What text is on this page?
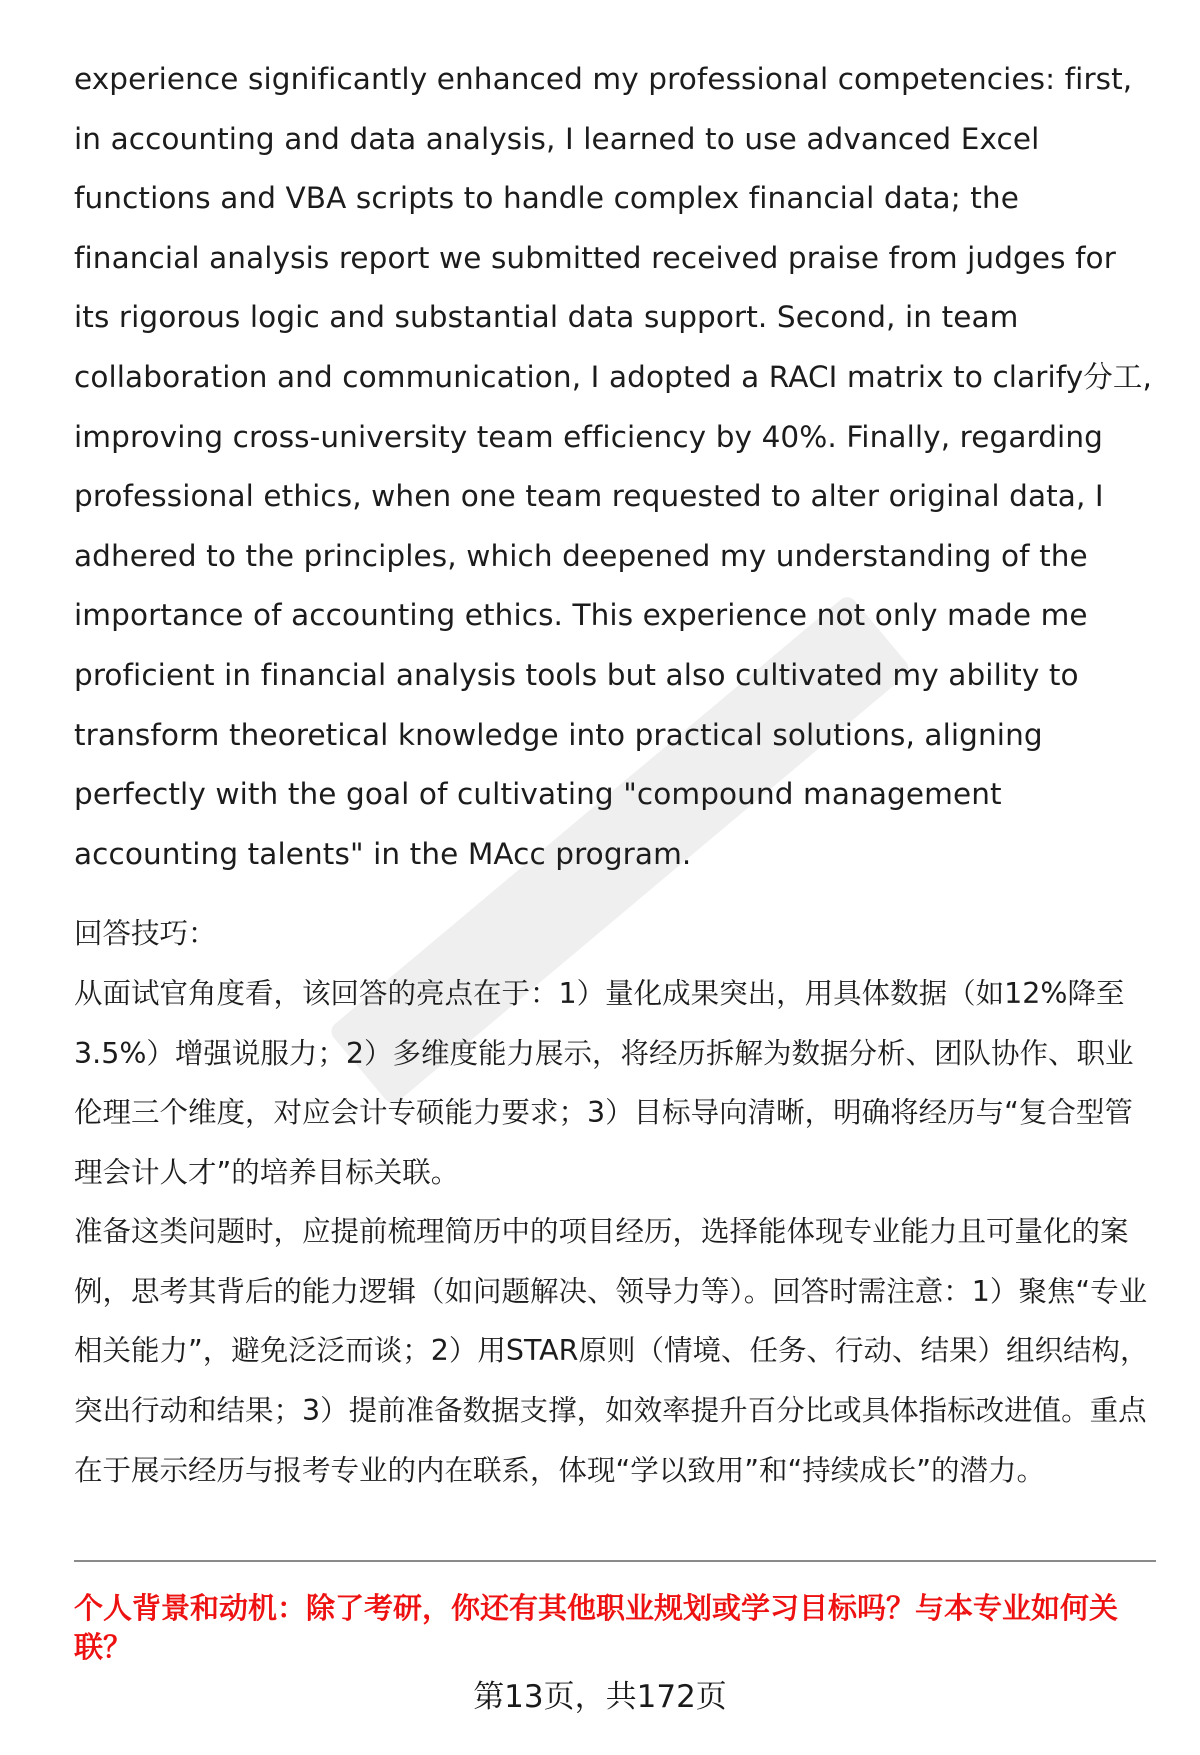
experience significantly enhanced my professional competencies: first, in accounting and data analysis, I learned to use advanced Excel functions and VBA scripts to handle complex financial data; the financial analysis report we submitted received praise from judges for its rigorous logic and substantial data support. Second, in team collaboration and communication, I adopted a RACI matrix to clarify分工, improving cross-university team efficiency by 40%. Finally, regarding professional ethics, when one team requested to alter original data, I adhered to the principles, which deepened my understanding of the importance of accounting ethics. This experience not only made me proficient in financial analysis tools but also cultivated my ability to transform theoretical knowledge into practical solutions, aligning perfectly with the goal of cultivating "compound management accounting talents" in the MAcc program.

回答技巧：

从面试官角度看，该回答的亮点在于：1）量化成果突出，用具体数据（如12%降至3.5%）增强说服力；2）多维度能力展示，将经历拆解为数据分析、团队协作、职业伦理三个维度，对应会计专硕能力要求；3）目标导向清晰，明确将经历与“复合型管理会计人才”的培养目标关联。

准备这类问题时，应提前梳理简历中的项目经历，选择能体现专业能力且可量化的案例，思考其背后的能力逻辑（如问题解决、领导力等）。回答时需注意：1）聚焦“专业相关能力”，避免泛泛而谈；2）用STAR原则（情境、任务、行动、结果）组织结构，突出行动和结果；3）提前准备数据支撑，如效率提升百分比或具体指标改进值。重点在于展示经历与报考专业的内在联系，体现“学以致用”和“持续成长”的潜力。

个人背景和动机：除了考研，你还有其他职业规划或学习目标吗？与本专业如何关联？

第13页，共172页
